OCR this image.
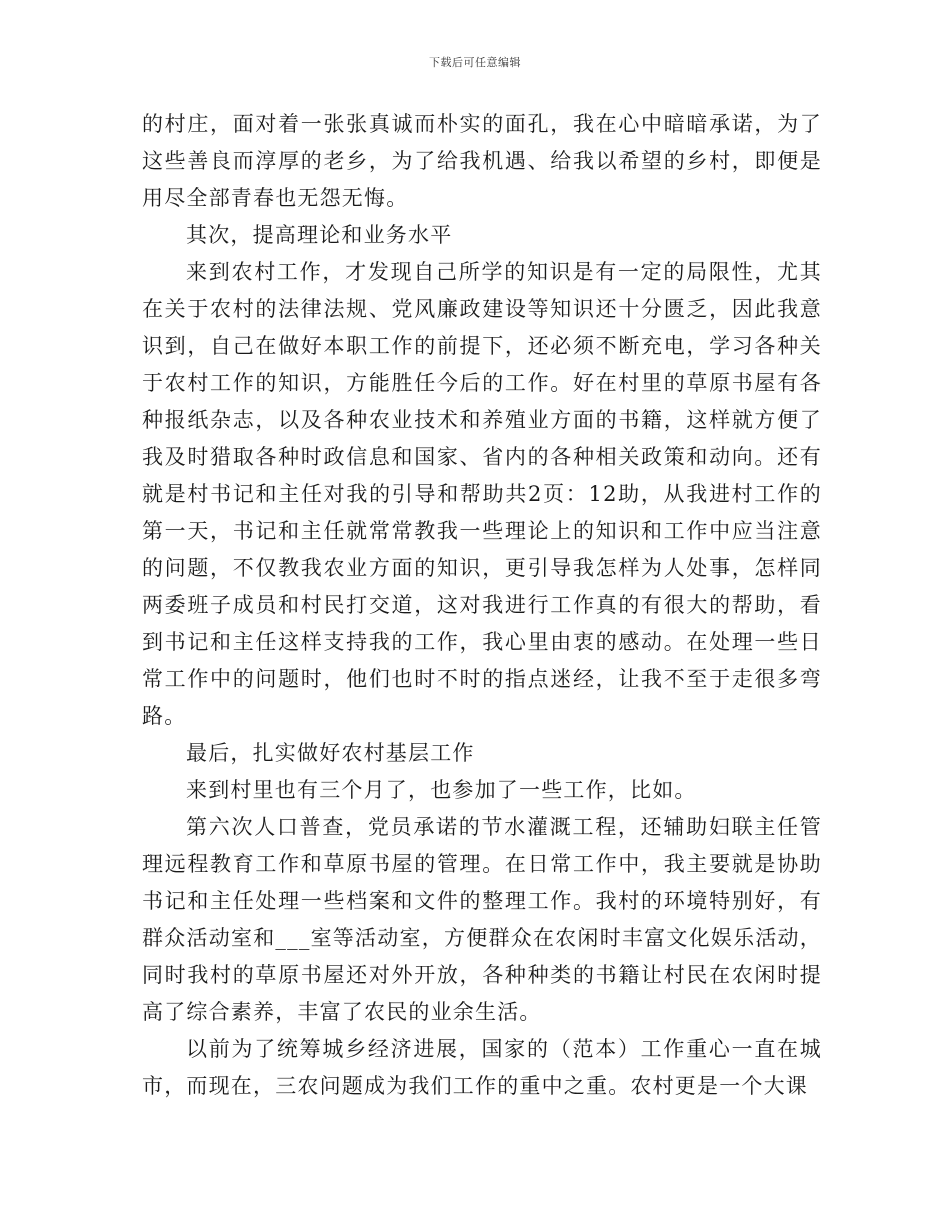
下载后可任意编辑

的村庄，面对着一张张真诚而朴实的面孔，我在心中暗暗承诺，为了这些善良而淳厚的老乡，为了给我机遇、给我以希望的乡村，即便是用尽全部青春也无怨无悔。

其次，提高理论和业务水平

来到农村工作，才发现自己所学的知识是有一定的局限性，尤其在关于农村的法律法规、党风廉政建设等知识还十分匮乏，因此我意识到，自己在做好本职工作的前提下，还必须不断充电，学习各种关于农村工作的知识，方能胜任今后的工作。好在村里的草原书屋有各种报纸杂志，以及各种农业技术和养殖业方面的书籍，这样就方便了我及时猎取各种时政信息和国家、省内的各种相关政策和动向。还有就是村书记和主任对我的引导和帮助共2页：12助，从我进村工作的第一天，书记和主任就常常教我一些理论上的知识和工作中应当注意的问题，不仅教我农业方面的知识，更引导我怎样为人处事，怎样同两委班子成员和村民打交道，这对我进行工作真的有很大的帮助，看到书记和主任这样支持我的工作，我心里由衷的感动。在处理一些日常工作中的问题时，他们也时不时的指点迷经，让我不至于走很多弯路。

最后，扎实做好农村基层工作

来到村里也有三个月了，也参加了一些工作，比如。

第六次人口普查，党员承诺的节水灌溉工程，还辅助妇联主任管理远程教育工作和草原书屋的管理。在日常工作中，我主要就是协助书记和主任处理一些档案和文件的整理工作。我村的环境特别好，有群众活动室和___室等活动室，方便群众在农闲时丰富文化娱乐活动，同时我村的草原书屋还对外开放，各种种类的书籍让村民在农闲时提高了综合素养，丰富了农民的业余生活。

以前为了统筹城乡经济进展，国家的（范本）工作重心一直在城市，而现在，三农问题成为我们工作的重中之重。农村更是一个大课
